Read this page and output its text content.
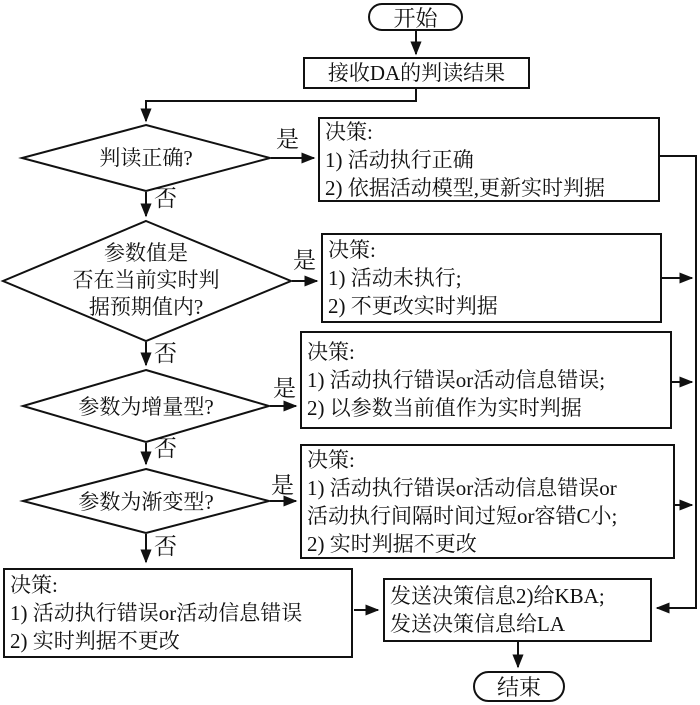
开始
接收DA的判读结果
判读正确?
参数值是
否在当前实时判
据预期值内?
参数为增量型?
参数为渐变型?
是
否
是
否
是
否
是
否
决策:
1) 活动执行正确
2) 依据活动模型,更新实时判据
决策:
1) 活动未执行;
2) 不更改实时判据
决策:
1) 活动执行错误or活动信息错误;
2) 以参数当前值作为实时判据
决策:
1) 活动执行错误or活动信息错误or
活动执行间隔时间过短or容错C小;
2) 实时判据不更改
决策:
1) 活动执行错误or活动信息错误
2) 实时判据不更改
发送决策信息2)给KBA;
发送决策信息给LA
结束
